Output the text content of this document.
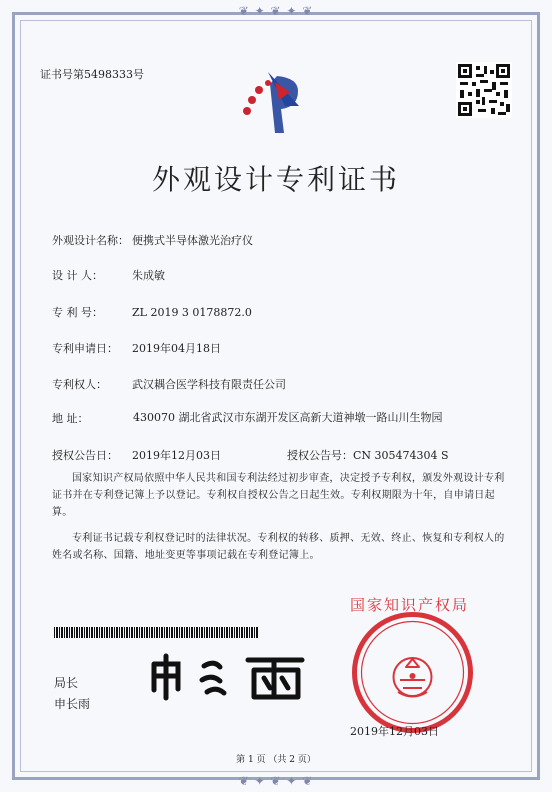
❦ ✦ ❦ ✦ ❦
❦ ✦ ❦ ✦ ❦
证书号第5498333号
外观设计专利证书
外观设计名称： 便携式半导体激光治疗仪
设 计 人：	朱成敏
专 利 号：	ZL 2019 3 0178872.0
专利申请日： 2019年04月18日
专利权人： 武汉耦合医学科技有限责任公司
地 址：	430070 湖北省武汉市东湖开发区高新大道神墩一路山川生物园
授权公告日： 2019年12月03日	授权公告号：CN 305474304 S
国家知识产权局依照中华人民共和国专利法经过初步审查，决定授予专利权，颁发外观设计专利证书并在专利登记簿上予以登记。专利权自授权公告之日起生效。专利权期限为十年，自申请日起算。
专利证书记载专利权登记时的法律状况。专利权的转移、质押、无效、终止、恢复和专利权人的姓名或名称、国籍、地址变更等事项记载在专利登记簿上。
局长
申长雨
国家知识产权局
2019年12月03日
第 1 页 （共 2 页）
